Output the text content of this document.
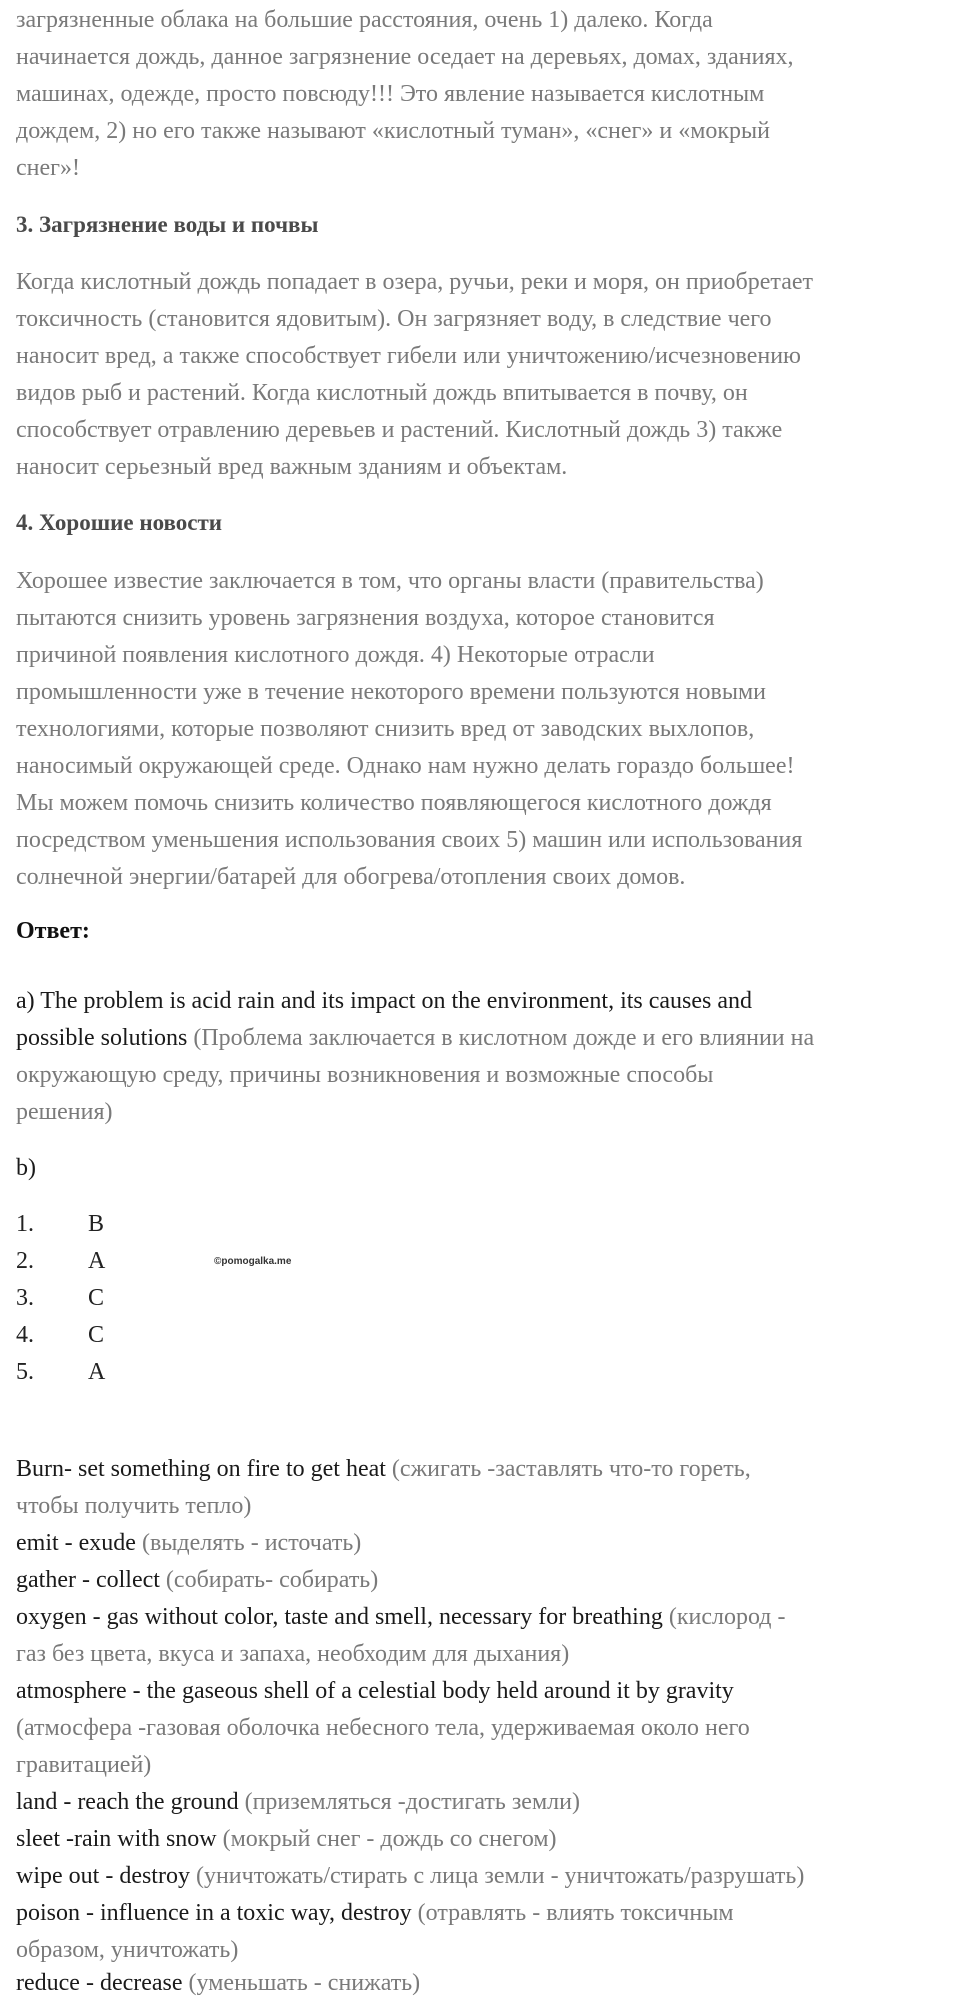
загрязненные облака на большие расстояния, очень 1) далеко. Когда

начинается дождь, данное загрязнение оседает на деревьях, домах, зданиях,

машинах, одежде, просто повсюду!!! Это явление называется кислотным

дождем, 2) но его также называют «кислотный туман», «снег» и «мокрый

снег»!

3. Загрязнение воды и почвы

Когда кислотный дождь попадает в озера, ручьи, реки и моря, он приобретает

токсичность (становится ядовитым). Он загрязняет воду, в следствие чего

наносит вред, а также способствует гибели или уничтожению/исчезновению

видов рыб и растений. Когда кислотный дождь впитывается в почву, он

способствует отравлению деревьев и растений. Кислотный дождь 3) также

наносит серьезный вред важным зданиям и объектам.

4. Хорошие новости

Хорошее известие заключается в том, что органы власти (правительства)

пытаются снизить уровень загрязнения воздуха, которое становится

причиной появления кислотного дождя. 4) Некоторые отрасли

промышленности уже в течение некоторого времени пользуются новыми

технологиями, которые позволяют снизить вред от заводских выхлопов,

наносимый окружающей среде. Однако нам нужно делать гораздо большее!

Мы можем помочь снизить количество появляющегося кислотного дождя

посредством уменьшения использования своих 5) машин или использования

солнечной энергии/батарей для обогрева/отопления своих домов.

Ответ:
a) The problem is acid rain and its impact on the environment, its causes and
possible solutions (Проблема заключается в кислотном дожде и его влиянии на
окружающую среду, причины возникновения и возможные способы
решения)
b)
1.	B
2.	A
3.	C
4.	C
5.	A
Burn- set something on fire to get heat (сжигать -заставлять что-то гореть,
чтобы получить тепло)
emit - exude (выделять - источать)
gather - collect (собирать- собирать)
oxygen - gas without color, taste and smell, necessary for breathing (кислород -
газ без цвета, вкуса и запаха, необходим для дыхания)
atmosphere - the gaseous shell of a celestial body held around it by gravity
(атмосфера -газовая оболочка небесного тела, удерживаемая около него
гравитацией)
land - reach the ground (приземляться -достигать земли)
sleet -rain with snow (мокрый снег - дождь со снегом)
wipe out - destroy (уничтожать/стирать с лица земли - уничтожать/разрушать)
poison - influence in a toxic way, destroy (отравлять - влиять токсичным
образом, уничтожать)
reduce - decrease (уменьшать - снижать)
©pomogalka.me
